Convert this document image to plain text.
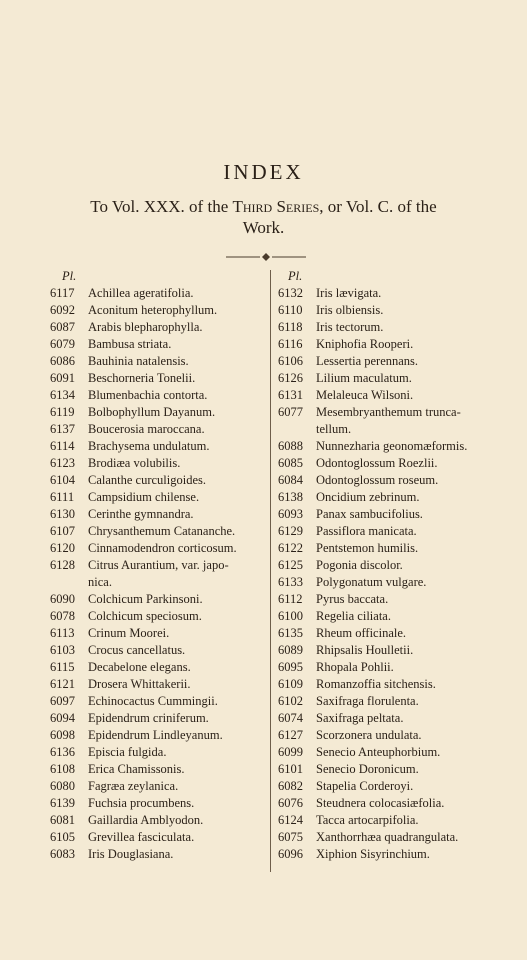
INDEX
To Vol. XXX. of the Third Series, or Vol. C. of the
Work.
Pl.
6117	Achillea ageratifolia.
6092	Aconitum heterophyllum.
6087	Arabis blepharophylla.
6079	Bambusa striata.
6086	Bauhinia natalensis.
6091	Beschorneria Tonelii.
6134	Blumenbachia contorta.
6119	Bolbophyllum Dayanum.
6137	Boucerosia maroccana.
6114	Brachysema undulatum.
6123	Brodiæa volubilis.
6104	Calanthe curculigoides.
6111	Campsidium chilense.
6130	Cerinthe gymnandra.
6107	Chrysanthemum Catananche.
6120	Cinnamodendron corticosum.
6128	Citrus Aurantium, var. japo-
nica.
6090	Colchicum Parkinsoni.
6078	Colchicum speciosum.
6113	Crinum Moorei.
6103	Crocus cancellatus.
6115	Decabelone elegans.
6121	Drosera Whittakerii.
6097	Echinocactus Cummingii.
6094	Epidendrum criniferum.
6098	Epidendrum Lindleyanum.
6136	Episcia fulgida.
6108	Erica Chamissonis.
6080	Fagræa zeylanica.
6139	Fuchsia procumbens.
6081	Gaillardia Amblyodon.
6105	Grevillea fasciculata.
6083	Iris Douglasiana.
Pl.
6132	Iris lævigata.
6110	Iris olbiensis.
6118	Iris tectorum.
6116	Kniphofia Rooperi.
6106	Lessertia perennans.
6126	Lilium maculatum.
6131	Melaleuca Wilsoni.
6077	Mesembryanthemum trunca-
tellum.
6088	Nunnezharia geonomæformis.
6085	Odontoglossum Roezlii.
6084	Odontoglossum roseum.
6138	Oncidium zebrinum.
6093	Panax sambucifolius.
6129	Passiflora manicata.
6122	Pentstemon humilis.
6125	Pogonia discolor.
6133	Polygonatum vulgare.
6112	Pyrus baccata.
6100	Regelia ciliata.
6135	Rheum officinale.
6089	Rhipsalis Houlletii.
6095	Rhopala Pohlii.
6109	Romanzoffia sitchensis.
6102	Saxifraga florulenta.
6074	Saxifraga peltata.
6127	Scorzonera undulata.
6099	Senecio Anteuphorbium.
6101	Senecio Doronicum.
6082	Stapelia Corderoyi.
6076	Steudnera colocasiæfolia.
6124	Tacca artocarpifolia.
6075	Xanthorrhæa quadrangulata.
6096	Xiphion Sisyrinchium.
